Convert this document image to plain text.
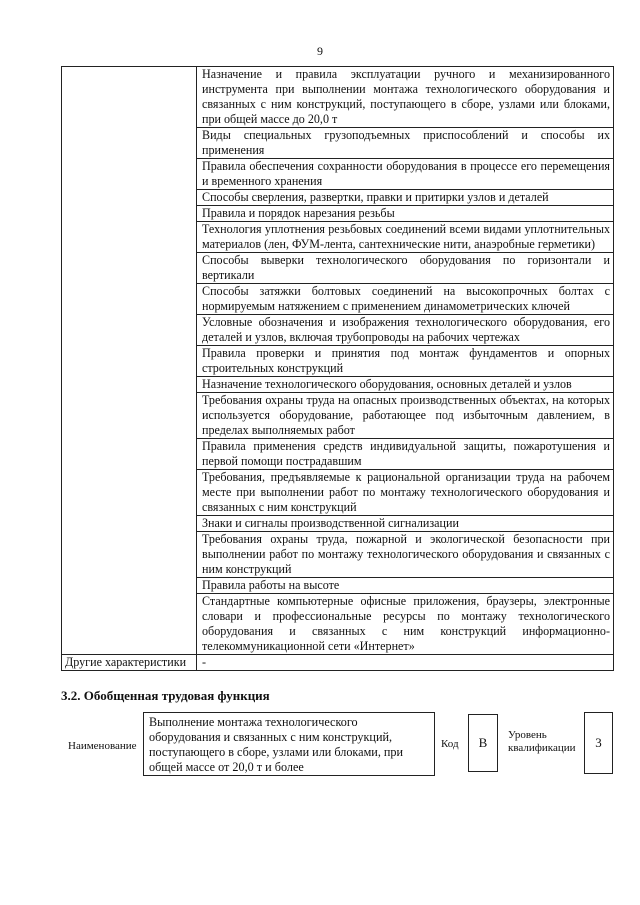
9
	Назначение и правила эксплуатации ручного и механизированного инструмента при выполнении монтажа технологического оборудования и связанных с ним конструкций, поступающего в сборе, узлами или блоками, при общей массе до 20,0 т
	Виды специальных грузоподъемных приспособлений и способы их применения
	Правила обеспечения сохранности оборудования в процессе его перемещения и временного хранения
	Способы сверления, развертки, правки и притирки узлов и деталей
	Правила и порядок нарезания резьбы
	Технология уплотнения резьбовых соединений всеми видами уплотнительных материалов (лен, ФУМ-лента, сантехнические нити, анаэробные герметики)
	Способы выверки технологического оборудования по горизонтали и вертикали
	Способы затяжки болтовых соединений на высокопрочных болтах с нормируемым натяжением с применением динамометрических ключей
	Условные обозначения и изображения технологического оборудования, его деталей и узлов, включая трубопроводы на рабочих чертежах
	Правила проверки и принятия под монтаж фундаментов и опорных строительных конструкций
	Назначение технологического оборудования, основных деталей и узлов
	Требования охраны труда на опасных производственных объектах, на которых используется оборудование, работающее под избыточным давлением, в пределах выполняемых работ
	Правила применения средств индивидуальной защиты, пожаротушения и первой помощи пострадавшим
	Требования, предъявляемые к рациональной организации труда на рабочем месте при выполнении работ по монтажу технологического оборудования и связанных с ним конструкций
	Знаки и сигналы производственной сигнализации
	Требования охраны труда, пожарной и экологической безопасности при выполнении работ по монтажу технологического оборудования и связанных с ним конструкций
	Правила работы на высоте
	Стандартные компьютерные офисные приложения, браузеры, электронные словари и профессиональные ресурсы по монтажу технологического оборудования и связанных с ним конструкций информационно-телекоммуникационной сети «Интернет»
Другие характеристики	-
3.2. Обобщенная трудовая функция
Наименование
Выполнение монтажа технологического оборудования и связанных с ним конструкций, поступающего в сборе, узлами или блоками, при общей массе от 20,0 т и более
Код	B	Уровень квалификации	3
